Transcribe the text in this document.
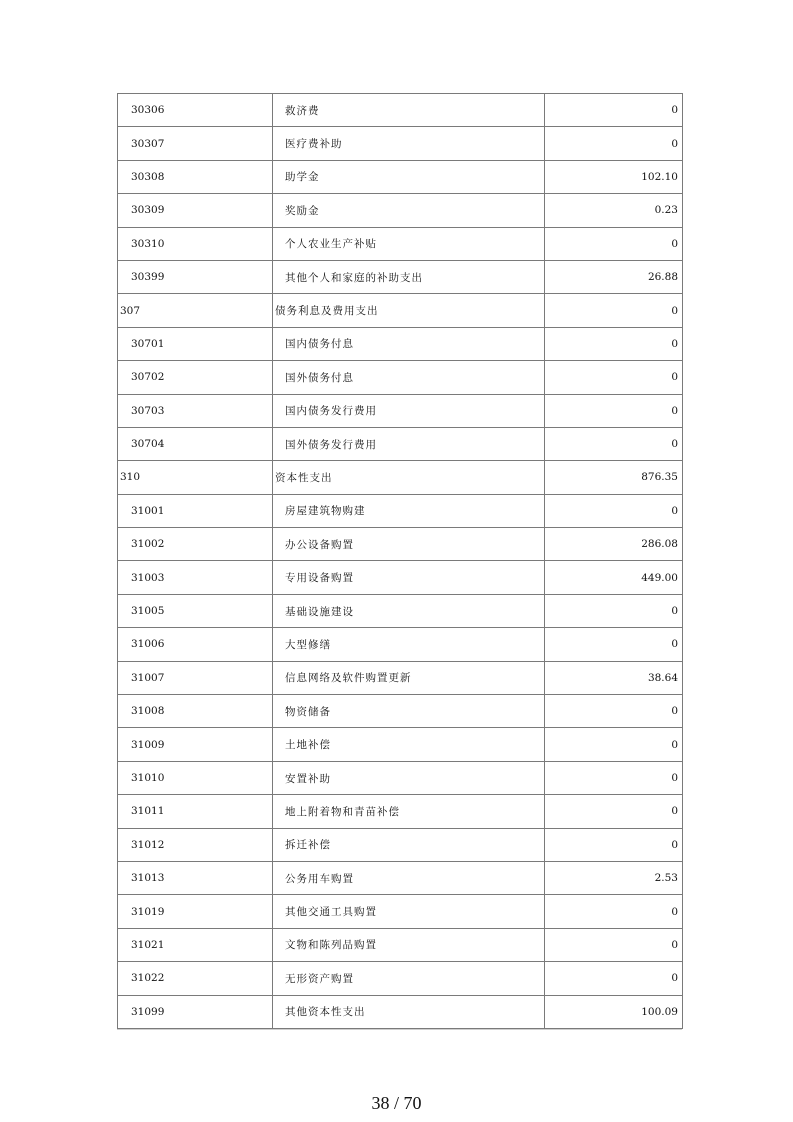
30306	救济费	0
30307	医疗费补助	0
30308	助学金	102.10
30309	奖励金	0.23
30310	个人农业生产补贴	0
30399	其他个人和家庭的补助支出	26.88
307	债务利息及费用支出	0
30701	国内债务付息	0
30702	国外债务付息	0
30703	国内债务发行费用	0
30704	国外债务发行费用	0
310	资本性支出	876.35
31001	房屋建筑物购建	0
31002	办公设备购置	286.08
31003	专用设备购置	449.00
31005	基础设施建设	0
31006	大型修缮	0
31007	信息网络及软件购置更新	38.64
31008	物资储备	0
31009	土地补偿	0
31010	安置补助	0
31011	地上附着物和青苗补偿	0
31012	拆迁补偿	0
31013	公务用车购置	2.53
31019	其他交通工具购置	0
31021	文物和陈列品购置	0
31022	无形资产购置	0
31099	其他资本性支出	100.09
38 / 70
